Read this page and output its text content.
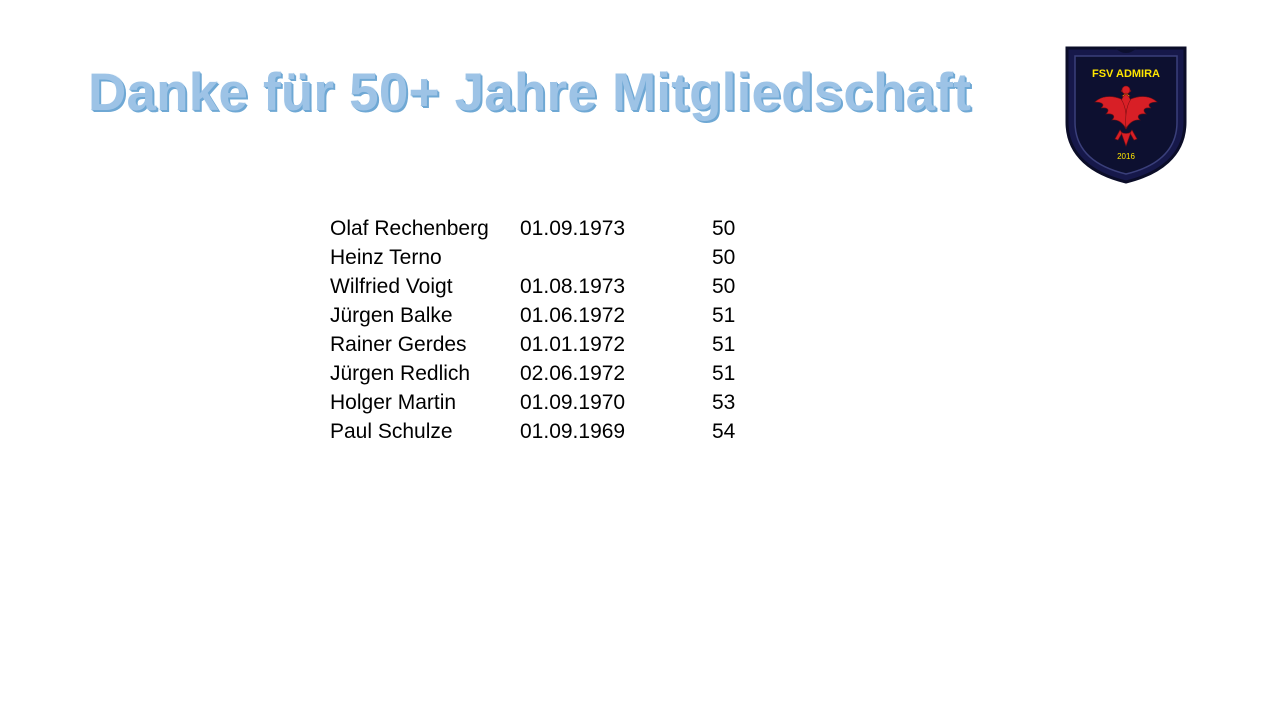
Danke für 50+ Jahre Mitgliedschaft
Olaf Rechenberg	01.09.1973	50
Heinz Terno		50
Wilfried Voigt	01.08.1973	50
Jürgen Balke	01.06.1972	51
Rainer Gerdes	01.01.1972	51
Jürgen Redlich	02.06.1972	51
Holger Martin	01.09.1970	53
Paul Schulze	01.09.1969	54
FSV ADMIRA
2016
